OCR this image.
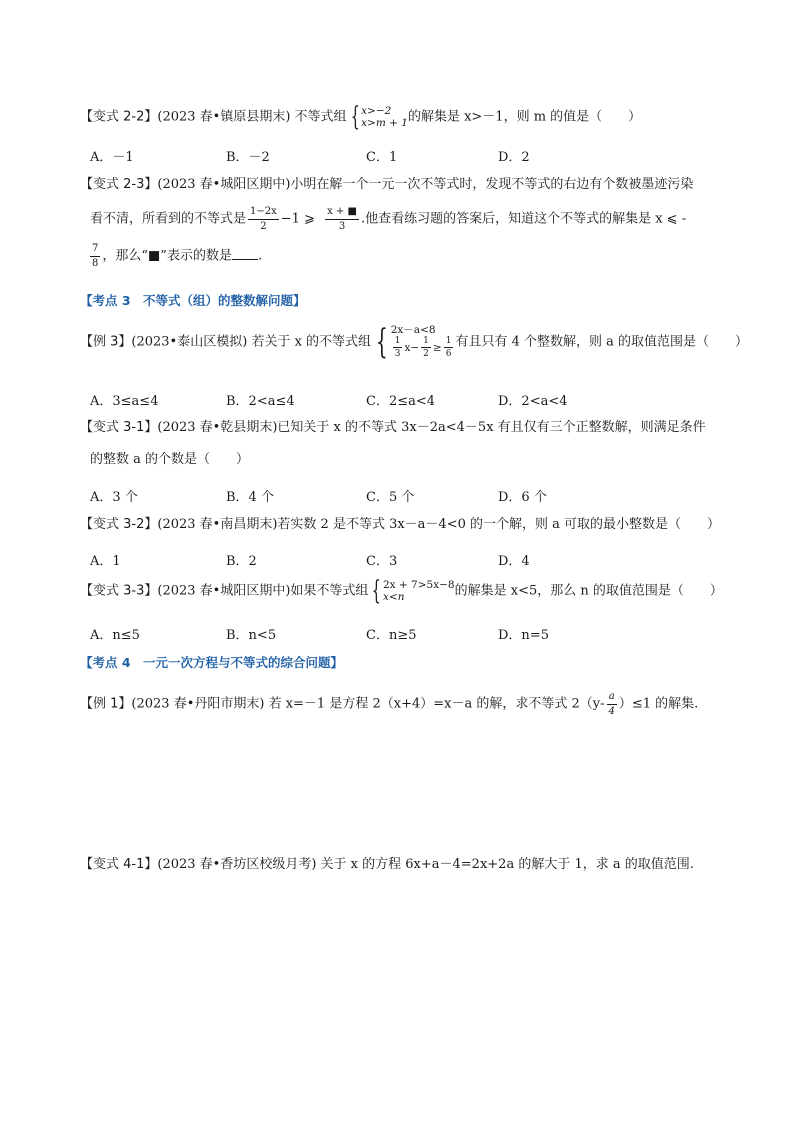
【变式 2-2】(2023 春•镇原县期末) 不等式组 { x>−2
x>m + 1 的解集是 x>－1，则 m 的值是（　　）
A．－1	B．－2	C．1	D．2
【变式 2-3】(2023 春•城阳区期中)小明在解一个一元一次不等式时，发现不等式的右边有个数被墨迹污染
看不清，所看到的不等式是 $\frac{1-2x}{2} -1$ ⩾ $\frac{x + ■}{3}$ .他查看练习题的答案后，知道这个不等式的解集是 x ⩽ -
$\frac{7}{8}$ ，那么“■”表示的数是 .
【考点 3　不等式（组）的整数解问题】
【例 3】(2023•泰山区模拟) 若关于 x 的不等式组 { 2x－a<8
$\frac{1}{3} x- \frac{1}{2} \ge \frac{1}{6}$ 有且只有 4 个整数解，则 a 的取值范围是（　　）
A．3≤a≤4	B．2<a≤4	C．2≤a<4	D．2<a<4
【变式 3-1】(2023 春•乾县期末)已知关于 x 的不等式 3x－2a<4－5x 有且仅有三个正整数解，则满足条件
的整数 a 的个数是（　　）
A．3 个	B．4 个	C．5 个	D．6 个
【变式 3-2】(2023 春•南昌期末)若实数 2 是不等式 3x－a－4<0 的一个解，则 a 可取的最小整数是（　　）
A．1	B．2	C．3	D．4
【变式 3-3】(2023 春•城阳区期中)如果不等式组 { 2x + 7>5x−8
x<n	的解集是 x<5，那么 n 的取值范围是（　　）
A．n≤5	B．n<5	C．n≥5	D．n=5
【考点 4　一元一次方程与不等式的综合问题】
【例 1】(2023 春•丹阳市期末) 若 x=－1 是方程 2（x+4）=x－a 的解，求不等式 $2(y- \frac{a}{4} )\le 1$ 的解集.
【变式 4-1】(2023 春•香坊区校级月考) 关于 x 的方程 6x+a－4=2x+2a 的解大于 1，求 a 的取值范围.
